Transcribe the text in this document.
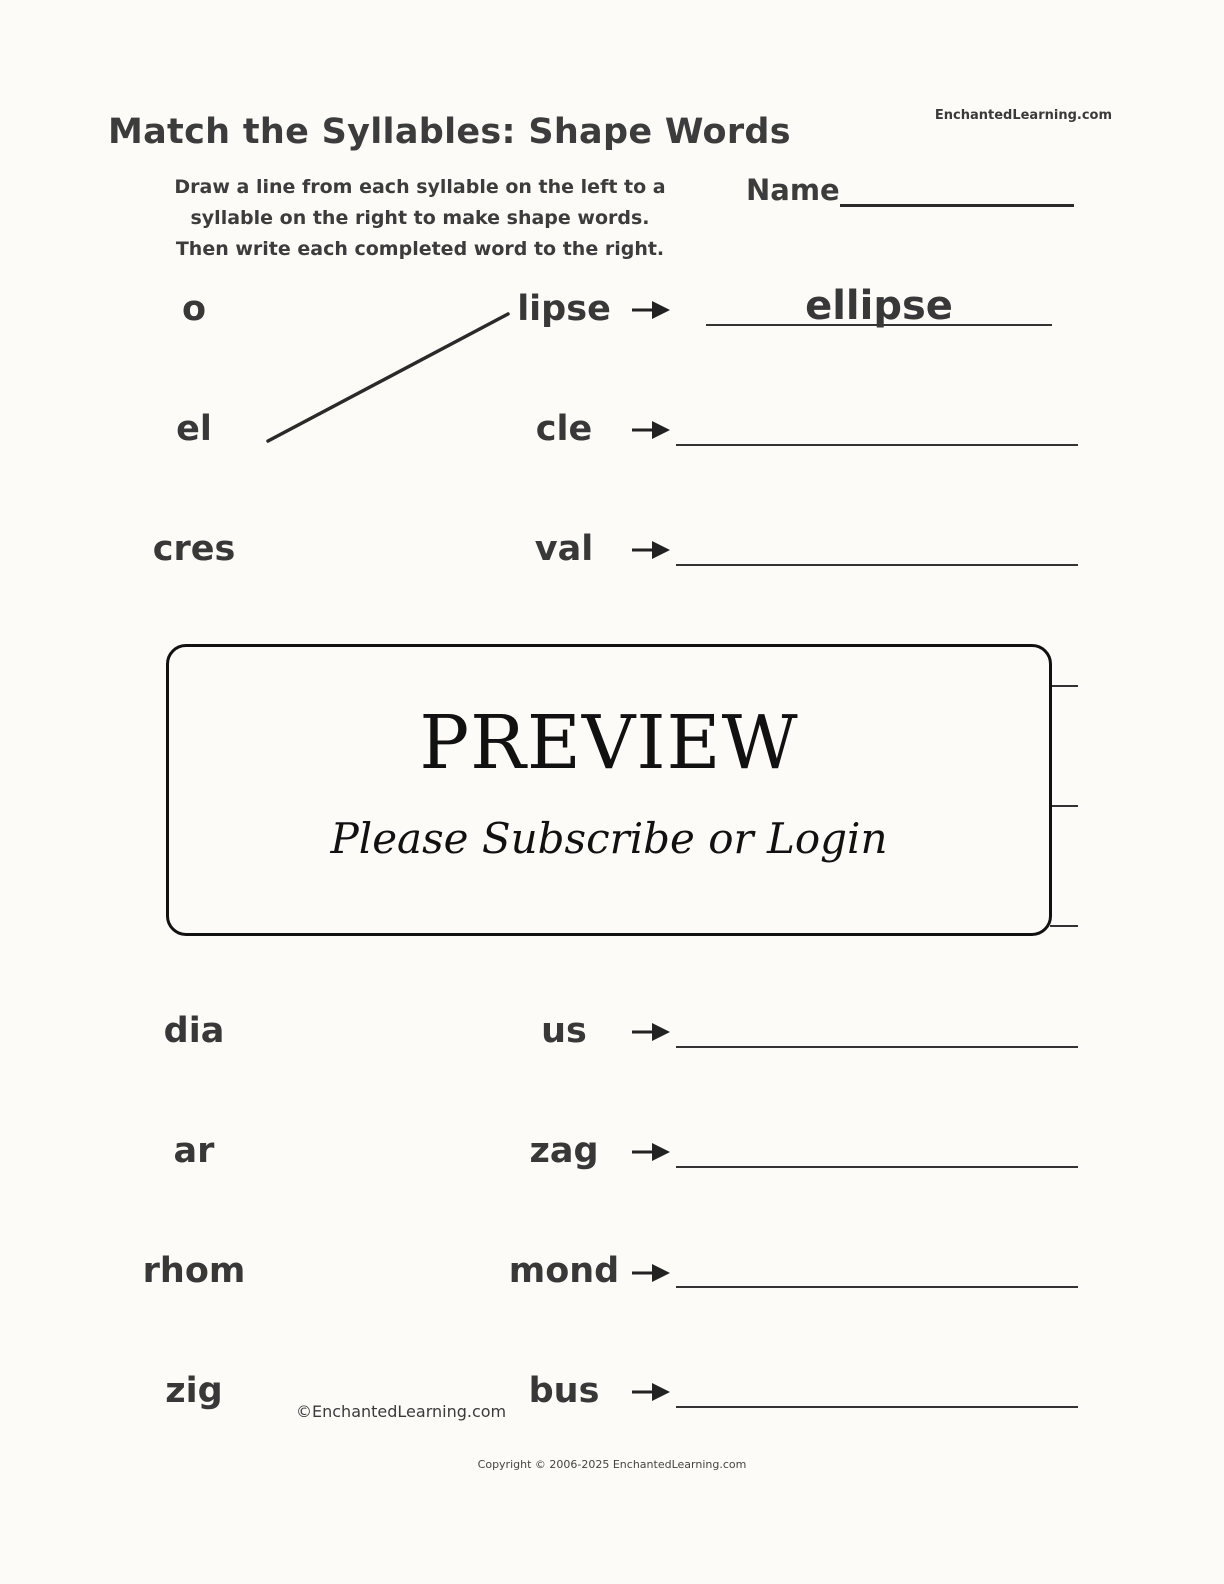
Match the Syllables: Shape Words	EnchantedLearning.com
Draw a line from each syllable on the left to a
syllable on the right to make shape words.
Then write each completed word to the right.
Name
o
el
cres
dia
ar
rhom
zig
lipse
cle
val
us
zag
mond
bus
ellipse
PREVIEW
Please Subscribe or Login
©EnchantedLearning.com
Copyright © 2006-2025 EnchantedLearning.com
